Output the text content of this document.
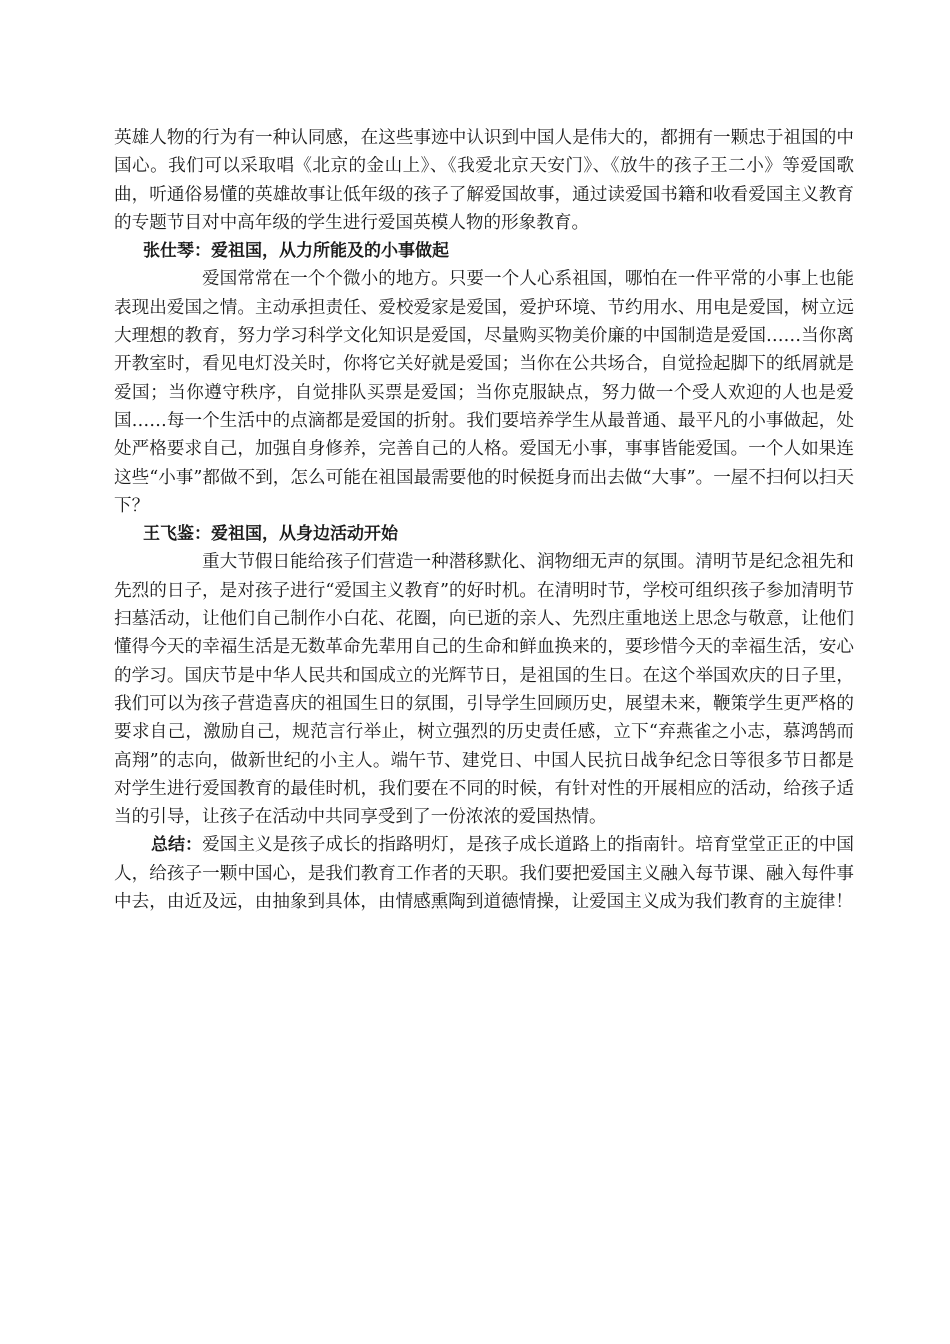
英雄人物的行为有一种认同感，在这些事迹中认识到中国人是伟大的，都拥有一颗忠于祖国的中国心。我们可以采取唱《北京的金山上》、《我爱北京天安门》、《放牛的孩子王二小》等爱国歌曲，听通俗易懂的英雄故事让低年级的孩子了解爱国故事，通过读爱国书籍和收看爱国主义教育的专题节目对中高年级的学生进行爱国英模人物的形象教育。

张仕琴：爱祖国，从力所能及的小事做起

爱国常常在一个个微小的地方。只要一个人心系祖国，哪怕在一件平常的小事上也能表现出爱国之情。主动承担责任、爱校爱家是爱国，爱护环境、节约用水、用电是爱国，树立远大理想的教育，努力学习科学文化知识是爱国，尽量购买物美价廉的中国制造是爱国……当你离开教室时，看见电灯没关时，你将它关好就是爱国；当你在公共场合，自觉捡起脚下的纸屑就是爱国；当你遵守秩序，自觉排队买票是爱国；当你克服缺点，努力做一个受人欢迎的人也是爱国……每一个生活中的点滴都是爱国的折射。我们要培养学生从最普通、最平凡的小事做起，处处严格要求自己，加强自身修养，完善自己的人格。爱国无小事，事事皆能爱国。一个人如果连这些“小事”都做不到，怎么可能在祖国最需要他的时候挺身而出去做“大事”。一屋不扫何以扫天下？

王飞鉴：爱祖国，从身边活动开始

重大节假日能给孩子们营造一种潜移默化、润物细无声的氛围。清明节是纪念祖先和先烈的日子，是对孩子进行“爱国主义教育”的好时机。在清明时节，学校可组织孩子参加清明节扫墓活动，让他们自己制作小白花、花圈，向已逝的亲人、先烈庄重地送上思念与敬意，让他们懂得今天的幸福生活是无数革命先辈用自己的生命和鲜血换来的，要珍惜今天的幸福生活，安心的学习。国庆节是中华人民共和国成立的光辉节日，是祖国的生日。在这个举国欢庆的日子里，我们可以为孩子营造喜庆的祖国生日的氛围，引导学生回顾历史，展望未来，鞭策学生更严格的要求自己，激励自己，规范言行举止，树立强烈的历史责任感，立下“弃燕雀之小志，慕鸿鹄而高翔”的志向，做新世纪的小主人。端午节、建党日、中国人民抗日战争纪念日等很多节日都是对学生进行爱国教育的最佳时机，我们要在不同的时候，有针对性的开展相应的活动，给孩子适当的引导，让孩子在活动中共同享受到了一份浓浓的爱国热情。

总结：爱国主义是孩子成长的指路明灯，是孩子成长道路上的指南针。培育堂堂正正的中国人，给孩子一颗中国心，是我们教育工作者的天职。我们要把爱国主义融入每节课、融入每件事中去，由近及远，由抽象到具体，由情感熏陶到道德情操，让爱国主义成为我们教育的主旋律！
